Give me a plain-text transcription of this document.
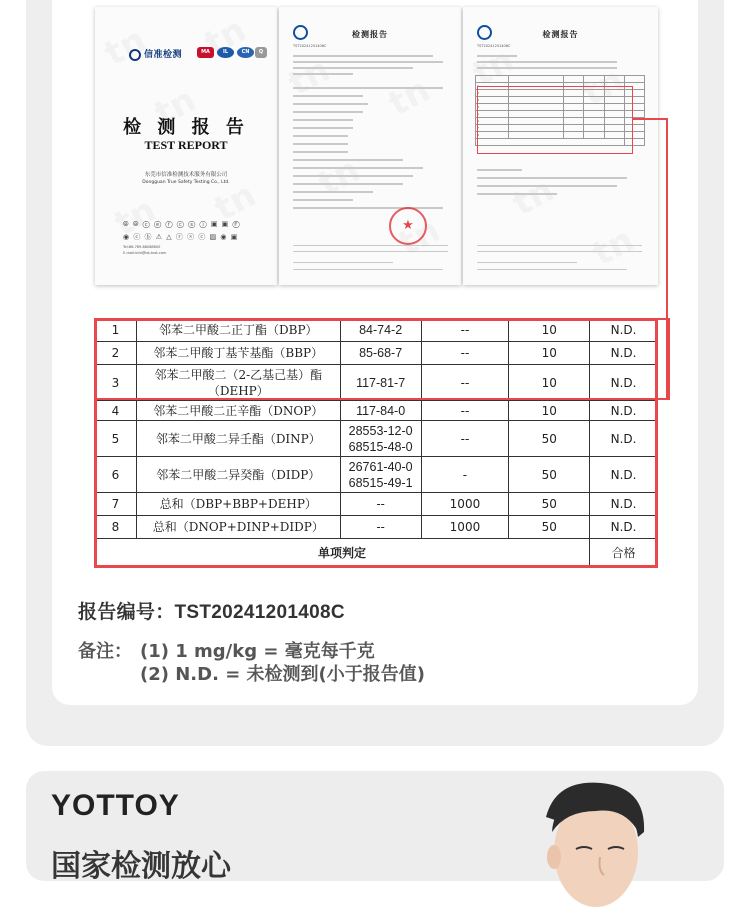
信准检测	MA	IL	CN	Q
检 测 报 告
TEST REPORT
东莞市信准检测技术服务有限公司
Dongguan True Safety Testing Co., Ltd.
⦾ ⦾ ⓒ ⓔ ⓕ ⓒ ⓢ ⓘ ▣ ▣ Ⓕ
◉ ⓒ ⓑ ⚠ △ ⓡ ⓢ ⓒ ▨ ◉ ▣
Tel:86-769-88088800
E-mail:info@tst-test.com
检测报告
TST20241201408C
★
检测报告
TST20241201408C

1					
2					
3					
4					
5					
6					
7					
8					

1	邻苯二甲酸二正丁酯（DBP）	84-74-2	--	10	N.D.
2	邻苯二甲酸丁基苄基酯（BBP）	85-68-7	--	10	N.D.
3	邻苯二甲酸二（2-乙基己基）酯（DEHP）	117-81-7	--	10	N.D.
4	邻苯二甲酸二正辛酯（DNOP）	117-84-0	--	10	N.D.
5	邻苯二甲酸二异壬酯（DINP）	28553-12-0
68515-48-0	--	50	N.D.
6	邻苯二甲酸二异癸酯（DIDP）	26761-40-0
68515-49-1	-	50	N.D.
7	总和（DBP+BBP+DEHP）	--	1000	50	N.D.
8	总和（DNOP+DINP+DIDP）	--	1000	50	N.D.
单项判定					合格
报告编号：TST20241201408C
备注： (1) 1 mg/kg = 毫克每千克
(2) N.D. = 未检测到(小于报告值)
YOTTOY
国家检测放心
